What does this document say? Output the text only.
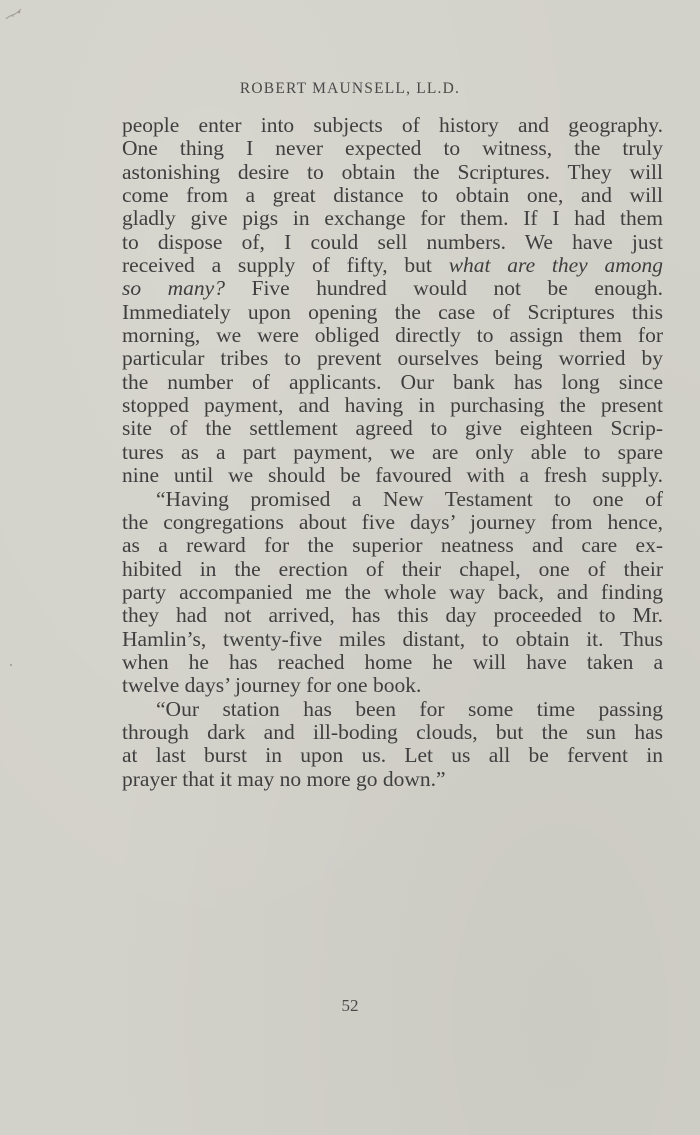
ROBERT MAUNSELL, LL.D.
people enter into subjects of history and geography.
One thing I never expected to witness, the truly
astonishing desire to obtain the Scriptures. They will
come from a great distance to obtain one, and will
gladly give pigs in exchange for them. If I had them
to dispose of, I could sell numbers. We have just
received a supply of fifty, but what are they among
so many? Five hundred would not be enough.
Immediately upon opening the case of Scriptures this
morning, we were obliged directly to assign them for
particular tribes to prevent ourselves being worried by
the number of applicants. Our bank has long since
stopped payment, and having in purchasing the present
site of the settlement agreed to give eighteen Scrip-
tures as a part payment, we are only able to spare
nine until we should be favoured with a fresh supply.
“Having promised a New Testament to one of
the congregations about five days’ journey from hence,
as a reward for the superior neatness and care ex-
hibited in the erection of their chapel, one of their
party accompanied me the whole way back, and finding
they had not arrived, has this day proceeded to Mr.
Hamlin’s, twenty-five miles distant, to obtain it. Thus
when he has reached home he will have taken a
twelve days’ journey for one book.
“Our station has been for some time passing
through dark and ill-boding clouds, but the sun has
at last burst in upon us. Let us all be fervent in
prayer that it may no more go down.”
52
